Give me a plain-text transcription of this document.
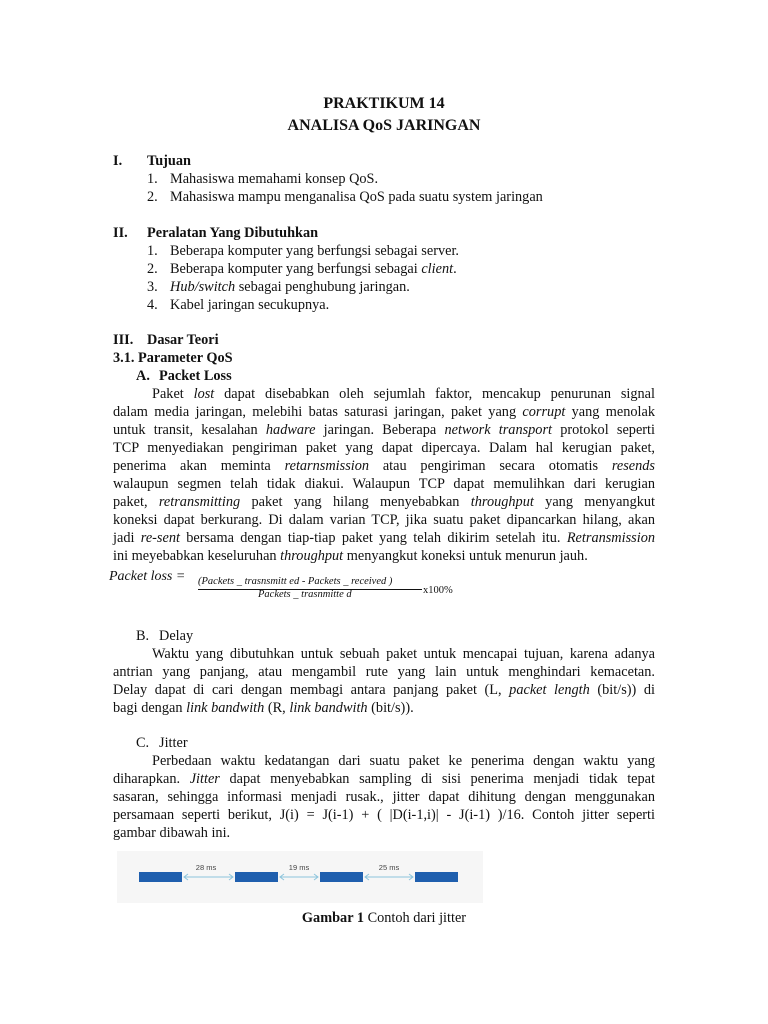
PRAKTIKUM 14
ANALISA QoS JARINGAN
I. Tujuan
1. Mahasiswa memahami konsep QoS.
2. Mahasiswa mampu menganalisa QoS pada suatu system jaringan
II. Peralatan Yang Dibutuhkan
1. Beberapa komputer yang berfungsi sebagai server.
2. Beberapa komputer yang berfungsi sebagai client.
3. Hub/switch sebagai penghubung jaringan.
4. Kabel jaringan secukupnya.
III. Dasar Teori
3.1. Parameter QoS
A. Packet Loss
Paket lost dapat disebabkan oleh sejumlah faktor, mencakup penurunan signal
dalam media jaringan, melebihi batas saturasi jaringan, paket yang corrupt yang menolak
untuk transit, kesalahan hadware jaringan. Beberapa network transport protokol seperti
TCP menyediakan pengiriman paket yang dapat dipercaya. Dalam hal kerugian paket,
penerima akan meminta retarnsmission atau pengiriman secara otomatis resends
walaupun segmen telah tidak diakui. Walaupun TCP dapat memulihkan dari kerugian
paket, retransmitting paket yang hilang menyebabkan throughput yang menyangkut
koneksi dapat berkurang. Di dalam varian TCP, jika suatu paket dipancarkan hilang, akan
jadi re-sent bersama dengan tiap-tiap paket yang telah dikirim setelah itu. Retransmission
ini meyebabkan keseluruhan throughput menyangkut koneksi untuk menurun jauh.
Packet loss = (Packets _ trasnsmitt ed - Packets _ received )
Packets _ trasnmitte d	x100%
B. Delay
Waktu yang dibutuhkan untuk sebuah paket untuk mencapai tujuan, karena adanya
antrian yang panjang, atau mengambil rute yang lain untuk menghindari kemacetan.
Delay dapat di cari dengan membagi antara panjang paket (L, packet length (bit/s)) di
bagi dengan link bandwith (R, link bandwith (bit/s)).
C. Jitter
Perbedaan waktu kedatangan dari suatu paket ke penerima dengan waktu yang
diharapkan. Jitter dapat menyebabkan sampling di sisi penerima menjadi tidak tepat
sasaran, sehingga informasi menjadi rusak., jitter dapat dihitung dengan menggunakan
persamaan seperti berikut, J(i) = J(i-1) + ( |D(i-1,i)| - J(i-1) )/16. Contoh jitter seperti
gambar dibawah ini.
28 ms	19 ms	25 ms
Gambar 1 Contoh dari jitter
